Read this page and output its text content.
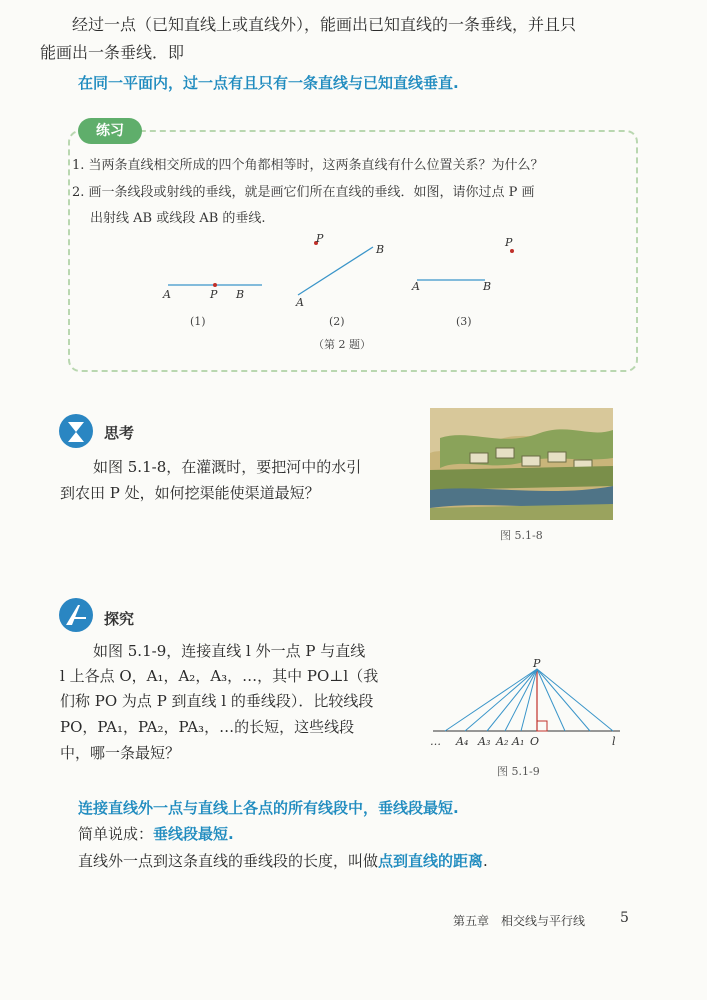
经过一点（已知直线上或直线外），能画出已知直线的一条垂线，并且只
能画出一条垂线．即
在同一平面内，过一点有且只有一条直线与已知直线垂直.
练习
1. 当两条直线相交所成的四个角都相等时，这两条直线有什么位置关系？为什么？
2. 画一条线段或射线的垂线，就是画它们所在直线的垂线．如图，请你过点 P 画
出射线 AB 或线段 AB 的垂线.
A	P B
(1)
P
B
A
(2)
P
A	B
(3)
（第 2 题）
思考
如图 5.1-8，在灌溉时，要把河中的水引
到农田 P 处，如何挖渠能使渠道最短？
图 5.1-8
探究
如图 5.1-9，连接直线 l 外一点 P 与直线
l 上各点 O，A₁，A₂，A₃，…，其中 PO⊥l（我
们称 PO 为点 P 到直线 l 的垂线段）．比较线段
PO，PA₁，PA₂，PA₃，…的长短，这些线段
中，哪一条最短？
P
… A₄ A₃ A₂ A₁ O	l
图 5.1-9
连接直线外一点与直线上各点的所有线段中，垂线段最短.
简单说成：垂线段最短.
直线外一点到这条直线的垂线段的长度，叫做点到直线的距离.
第五章　相交线与平行线 5
